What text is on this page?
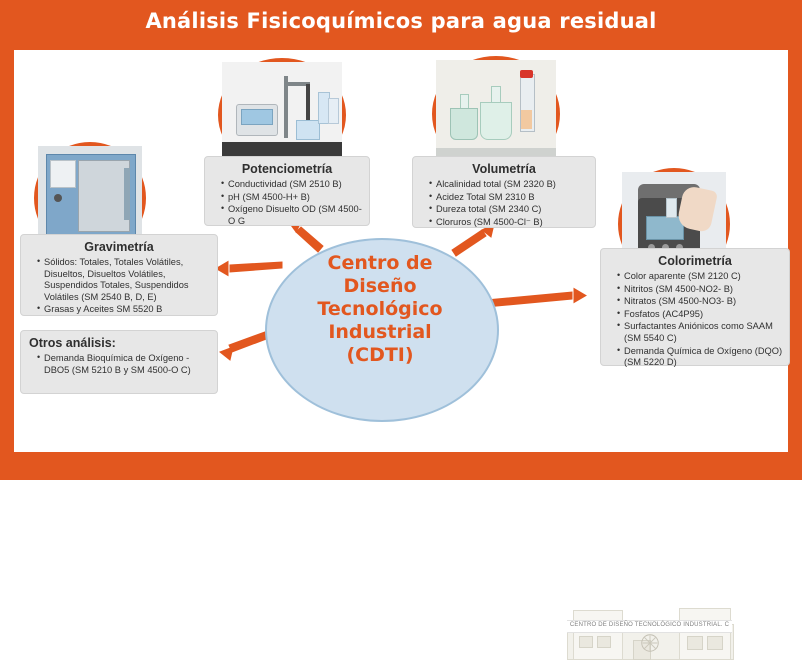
Análisis Fisicoquímicos para agua residual
CENTRO DE DISEÑO TECNOLÓGICO INDUSTRIAL. C
Centro de
Diseño
Tecnológico
Industrial
(CDTI)
Gravimetría
• Sólidos: Totales, Totales Volátiles, Disueltos, Disueltos Volátiles, Suspendidos Totales, Suspendidos Volátiles (SM 2540 B, D, E)
• Grasas y Aceites SM 5520 B
Otros análisis:
• Demanda Bioquímica de Oxígeno - DBO5 (SM 5210 B y SM 4500-O C)
Potenciometría
• Conductividad (SM 2510 B)
• pH (SM 4500-H+ B)
• Oxígeno Disuelto OD (SM 4500-O G
Volumetría
• Alcalinidad total (SM 2320 B)
• Acidez Total SM 2310 B
• Dureza total (SM 2340 C)
• Cloruros (SM 4500-Cl⁻ B)
Colorimetría
• Color aparente (SM 2120 C)
• Nitritos (SM 4500-NO2- B)
• Nitratos (SM 4500-NO3- B)
• Fosfatos (AC4P95)
• Surfactantes Aniónicos como SAAM (SM 5540 C)
• Demanda Química de Oxígeno (DQO) (SM 5220 D)
